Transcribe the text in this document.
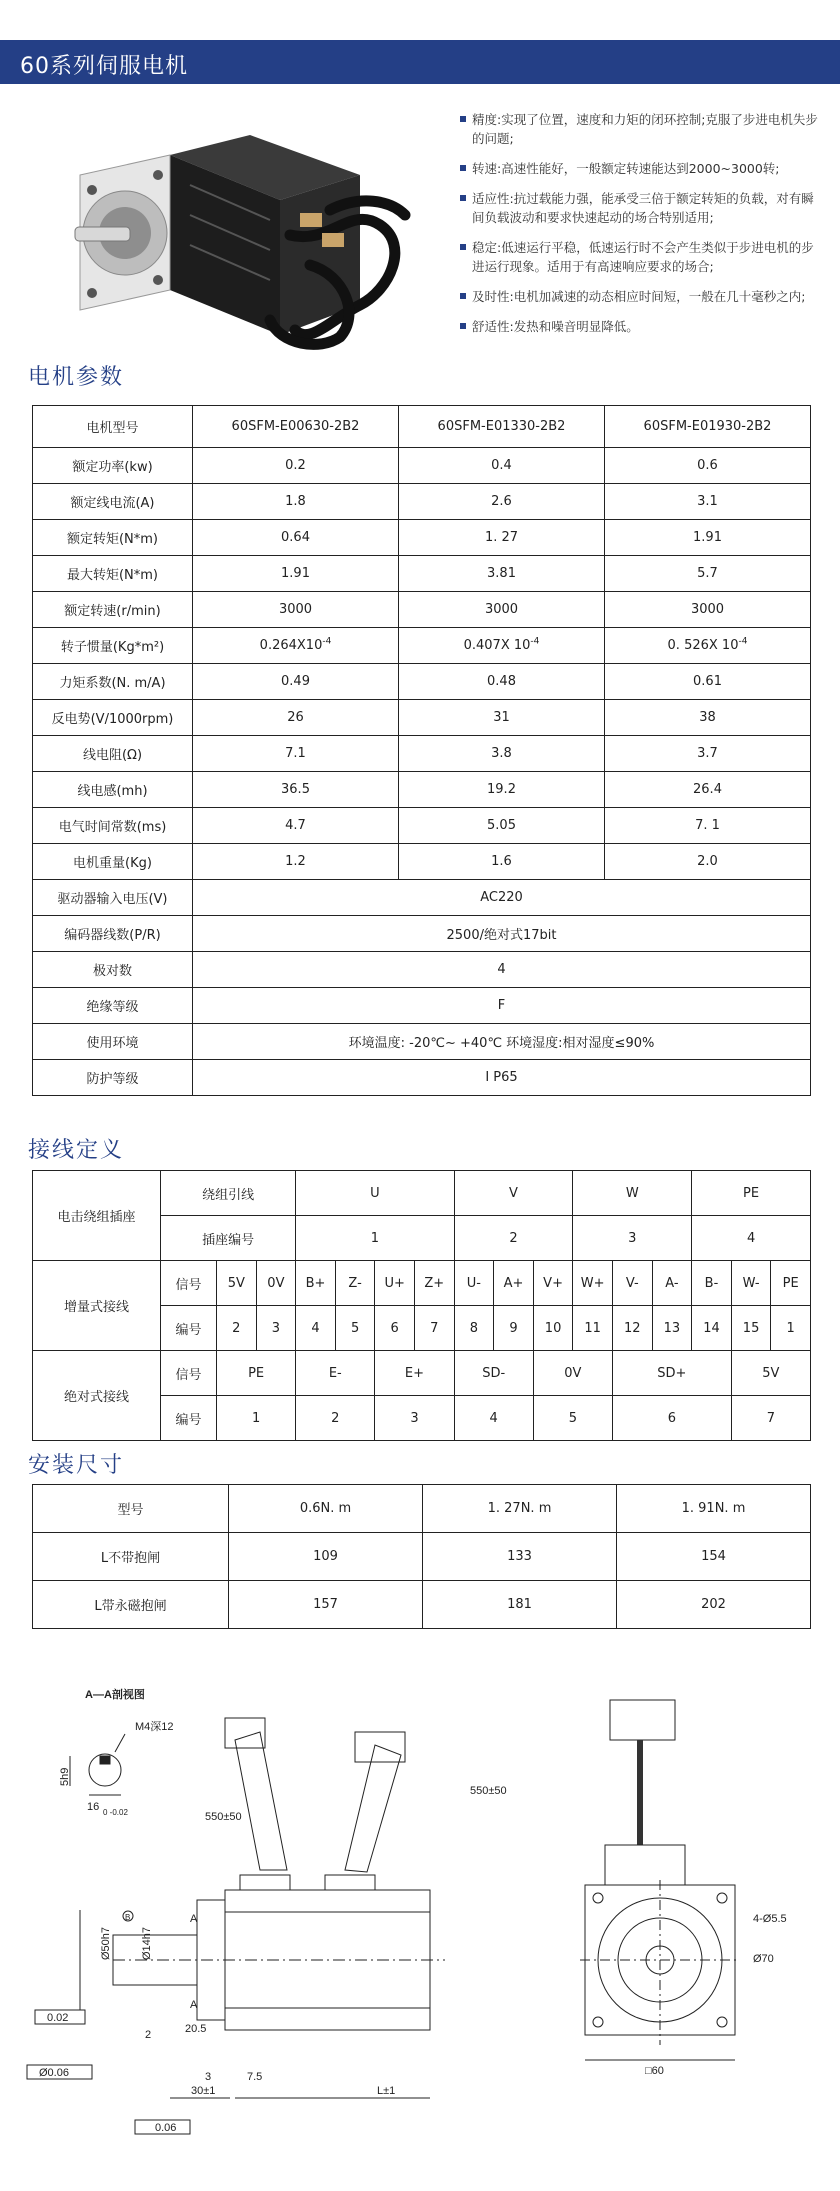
60系列伺服电机
精度:实现了位置，速度和力矩的闭环控制;克服了步进电机失步的问题;
转速:高速性能好，一般额定转速能达到2000~3000转;
适应性:抗过载能力强，能承受三倍于额定转矩的负载，对有瞬间负载波动和要求快速起动的场合特别适用;
稳定:低速运行平稳，低速运行时不会产生类似于步进电机的步进运行现象。适用于有高速响应要求的场合;
及时性:电机加减速的动态相应时间短，一般在几十毫秒之内;
舒适性:发热和噪音明显降低。
电机参数
电机型号	60SFM-E00630-2B2	60SFM-E01330-2B2	60SFM-E01930-2B2
额定功率(kw)	0.2	0.4	0.6
额定线电流(A)	1.8	2.6	3.1
额定转矩(N*m)	0.64	1. 27	1.91
最大转矩(N*m)	1.91	3.81	5.7
额定转速(r/min)	3000	3000	3000
转子惯量(Kg*m²)	$0.264X10^{-4}$	0.407X $10^{-4}$	0. 526X $10^{-4}$
力矩系数(N. m/A)	0.49	0.48	0.61
反电势(V/1000rpm)	26	31	38
线电阻(Ω)	7.1	3.8	3.7
线电感(mh)	36.5	19.2	26.4
电气时间常数(ms)	4.7	5.05	7. 1
电机重量(Kg)	1.2	1.6	2.0
驱动器输入电压(V)	AC220		
编码器线数(P/R)	2500/绝对式17bit		
极对数	4		
绝缘等级	F		
使用环境	环境温度: -20℃~ +40℃ 环境湿度:相对湿度≤90%		
防护等级	I P65		
接线定义
电击绕组插座	绕组引线			U				V			W			PE		
	插座编号			1				2			3			4		
增量式接线	信号	5V	0V	B+	Z-	U+	Z+	U-	A+	V+	W+	V-	A-	B-	W-	PE
	编号	2	3	4	5	6	7	8	9	10	11	12	13	14	15	1
绝对式接线	信号	PE		E-		E+		SD-		0V		SD+			5V	
	编号	1		2		3		4		5		6			7	
安装尺寸
型号	0.6N. m	1. 27N. m	1. 91N. m
L不带抱闸	109	133	154
L带永磁抱闸	157	181	202
A—A剖视图
M4深12
5h9
16 0 -0.02	550±50
550±50
Ø50h7	Ø14h7
B
0.02
2	20.5
3	7.5
30±1	L±1
Ø0.06
0.06
A
A
4-Ø5.5
Ø70
□60
